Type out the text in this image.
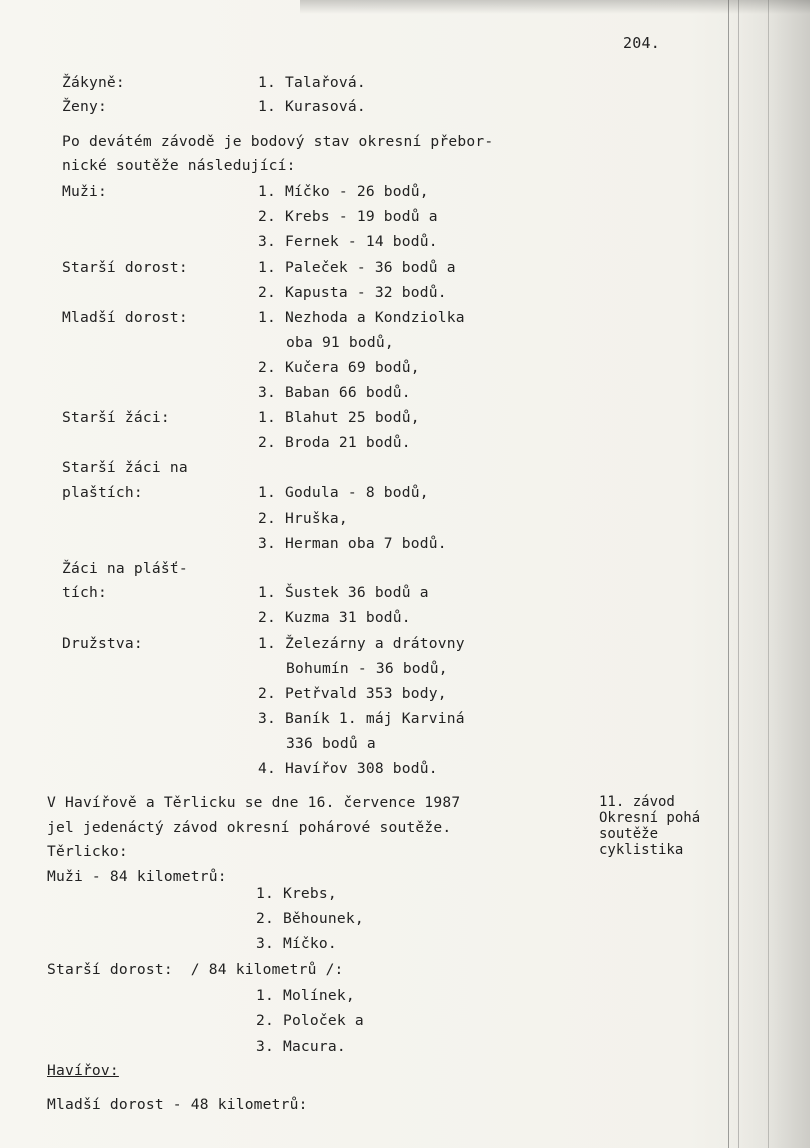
204.
Žákyně:	1. Talařová.
Ženy:	1. Kurasová.
Po devátém závodě je bodový stav okresní přebor-
nické soutěže následující:
Muži:	1. Míčko - 26 bodů,
2. Krebs - 19 bodů a
3. Fernek - 14 bodů.
Starší dorost:	1. Paleček - 36 bodů a
2. Kapusta - 32 bodů.
Mladší dorost:	1. Nezhoda a Kondziolka
oba 91 bodů,
2. Kučera 69 bodů,
3. Baban 66 bodů.
Starší žáci:	1. Blahut 25 bodů,
2. Broda 21 bodů.
Starší žáci na
plaštích:	1. Godula - 8 bodů,
2. Hruška,
3. Herman oba 7 bodů.
Žáci na plášť-
tích:	1. Šustek 36 bodů a
2. Kuzma 31 bodů.
Družstva:	1. Železárny a drátovny
Bohumín - 36 bodů,
2. Petřvald 353 body,
3. Baník 1. máj Karviná
336 bodů a
4. Havířov 308 bodů.
V Havířově a Těrlicku se dne 16. července 1987
jel jedenáctý závod okresní pohárové soutěže.
Těrlicko:
Muži - 84 kilometrů:
1. Krebs,
2. Běhounek,
3. Míčko.
Starší dorost:  / 84 kilometrů /:
1. Molínek,
2. Poloček a
3. Macura.
Havířov:
Mladší dorost - 48 kilometrů:
11. závod
Okresní pohá
soutěže
cyklistika
